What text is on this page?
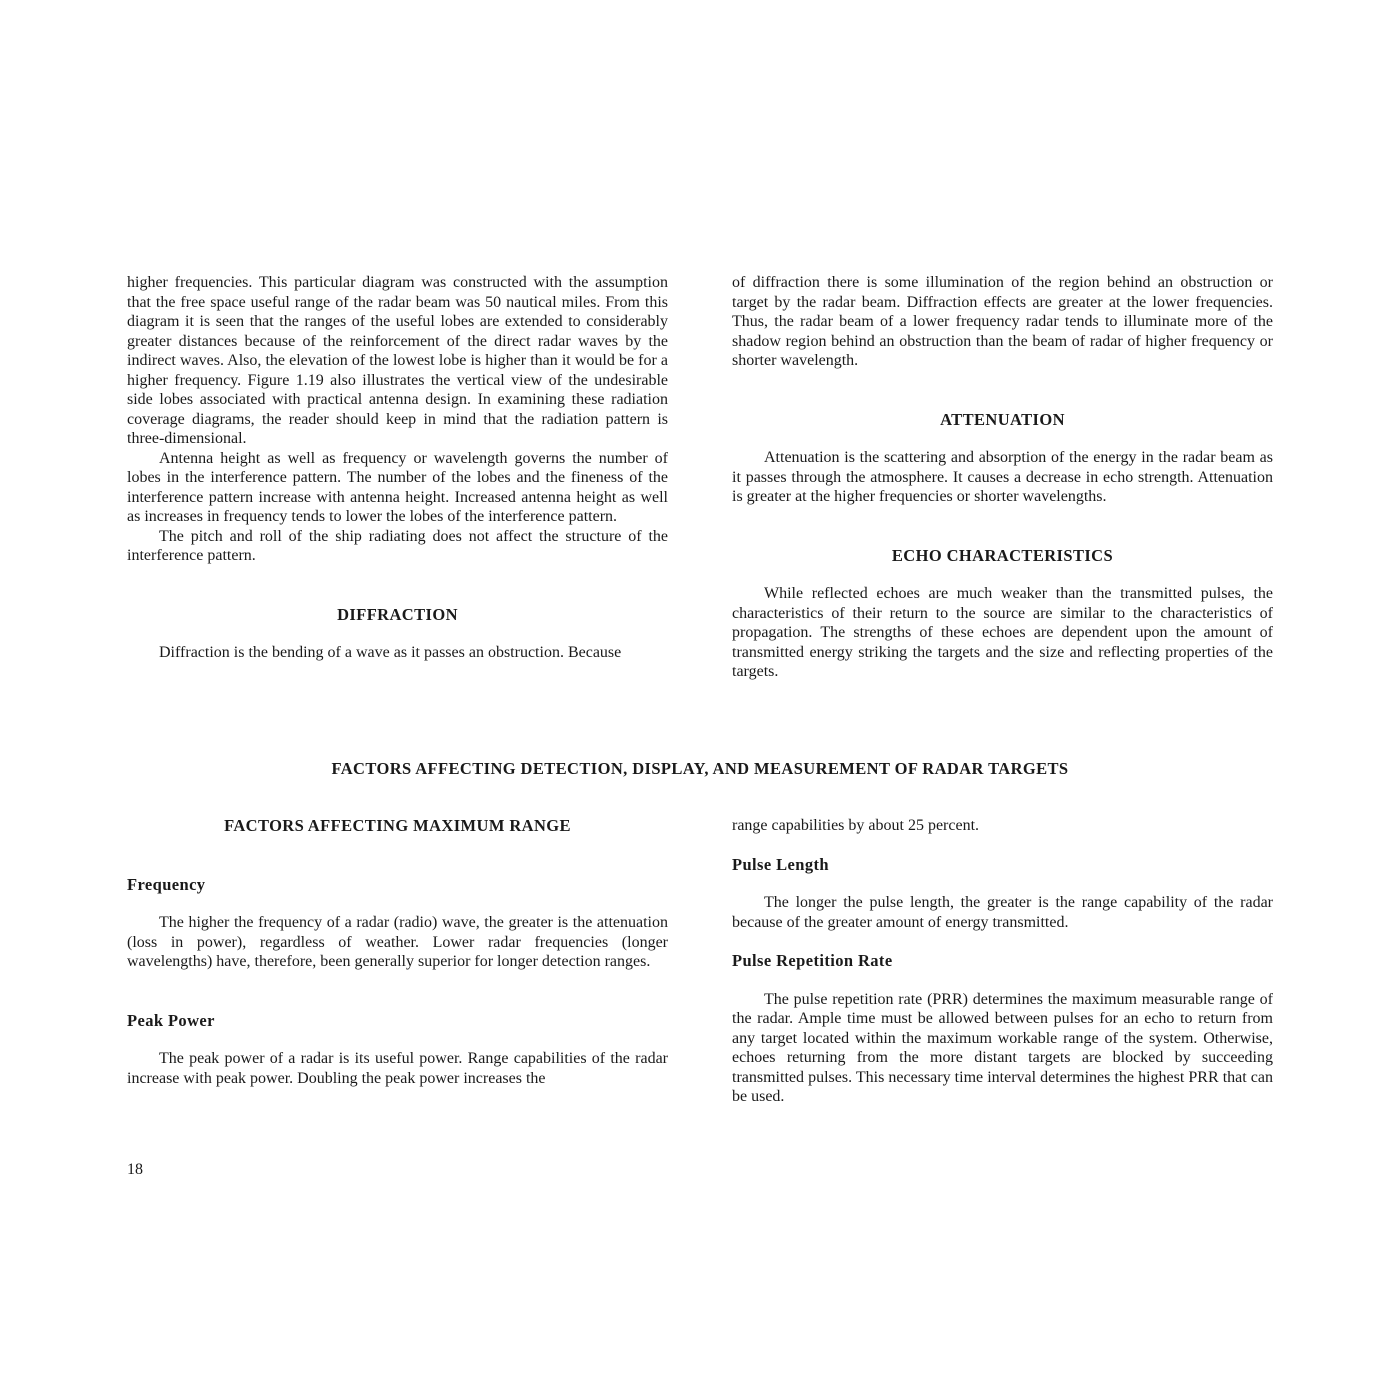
higher frequencies. This particular diagram was constructed with the assumption that the free space useful range of the radar beam was 50 nautical miles. From this diagram it is seen that the ranges of the useful lobes are extended to considerably greater distances because of the reinforcement of the direct radar waves by the indirect waves. Also, the elevation of the lowest lobe is higher than it would be for a higher frequency. Figure 1.19 also illustrates the vertical view of the undesirable side lobes associated with practical antenna design. In examining these radiation coverage diagrams, the reader should keep in mind that the radiation pattern is three-dimensional.

Antenna height as well as frequency or wavelength governs the number of lobes in the interference pattern. The number of the lobes and the fineness of the interference pattern increase with antenna height. Increased antenna height as well as increases in frequency tends to lower the lobes of the interference pattern.

The pitch and roll of the ship radiating does not affect the structure of the interference pattern.

DIFFRACTION

Diffraction is the bending of a wave as it passes an obstruction. Because

of diffraction there is some illumination of the region behind an obstruction or target by the radar beam. Diffraction effects are greater at the lower frequencies. Thus, the radar beam of a lower frequency radar tends to illuminate more of the shadow region behind an obstruction than the beam of radar of higher frequency or shorter wavelength.

ATTENUATION

Attenuation is the scattering and absorption of the energy in the radar beam as it passes through the atmosphere. It causes a decrease in echo strength. Attenuation is greater at the higher frequencies or shorter wavelengths.

ECHO CHARACTERISTICS

While reflected echoes are much weaker than the transmitted pulses, the characteristics of their return to the source are similar to the characteristics of propagation. The strengths of these echoes are dependent upon the amount of transmitted energy striking the targets and the size and reflecting properties of the targets.

FACTORS AFFECTING DETECTION, DISPLAY, AND MEASUREMENT OF RADAR TARGETS
FACTORS AFFECTING MAXIMUM RANGE
Frequency

The higher the frequency of a radar (radio) wave, the greater is the attenuation (loss in power), regardless of weather. Lower radar frequencies (longer wavelengths) have, therefore, been generally superior for longer detection ranges.

Peak Power

The peak power of a radar is its useful power. Range capabilities of the radar increase with peak power. Doubling the peak power increases the

range capabilities by about 25 percent.

Pulse Length

The longer the pulse length, the greater is the range capability of the radar because of the greater amount of energy transmitted.

Pulse Repetition Rate

The pulse repetition rate (PRR) determines the maximum measurable range of the radar. Ample time must be allowed between pulses for an echo to return from any target located within the maximum workable range of the system. Otherwise, echoes returning from the more distant targets are blocked by succeeding transmitted pulses. This necessary time interval determines the highest PRR that can be used.

18
